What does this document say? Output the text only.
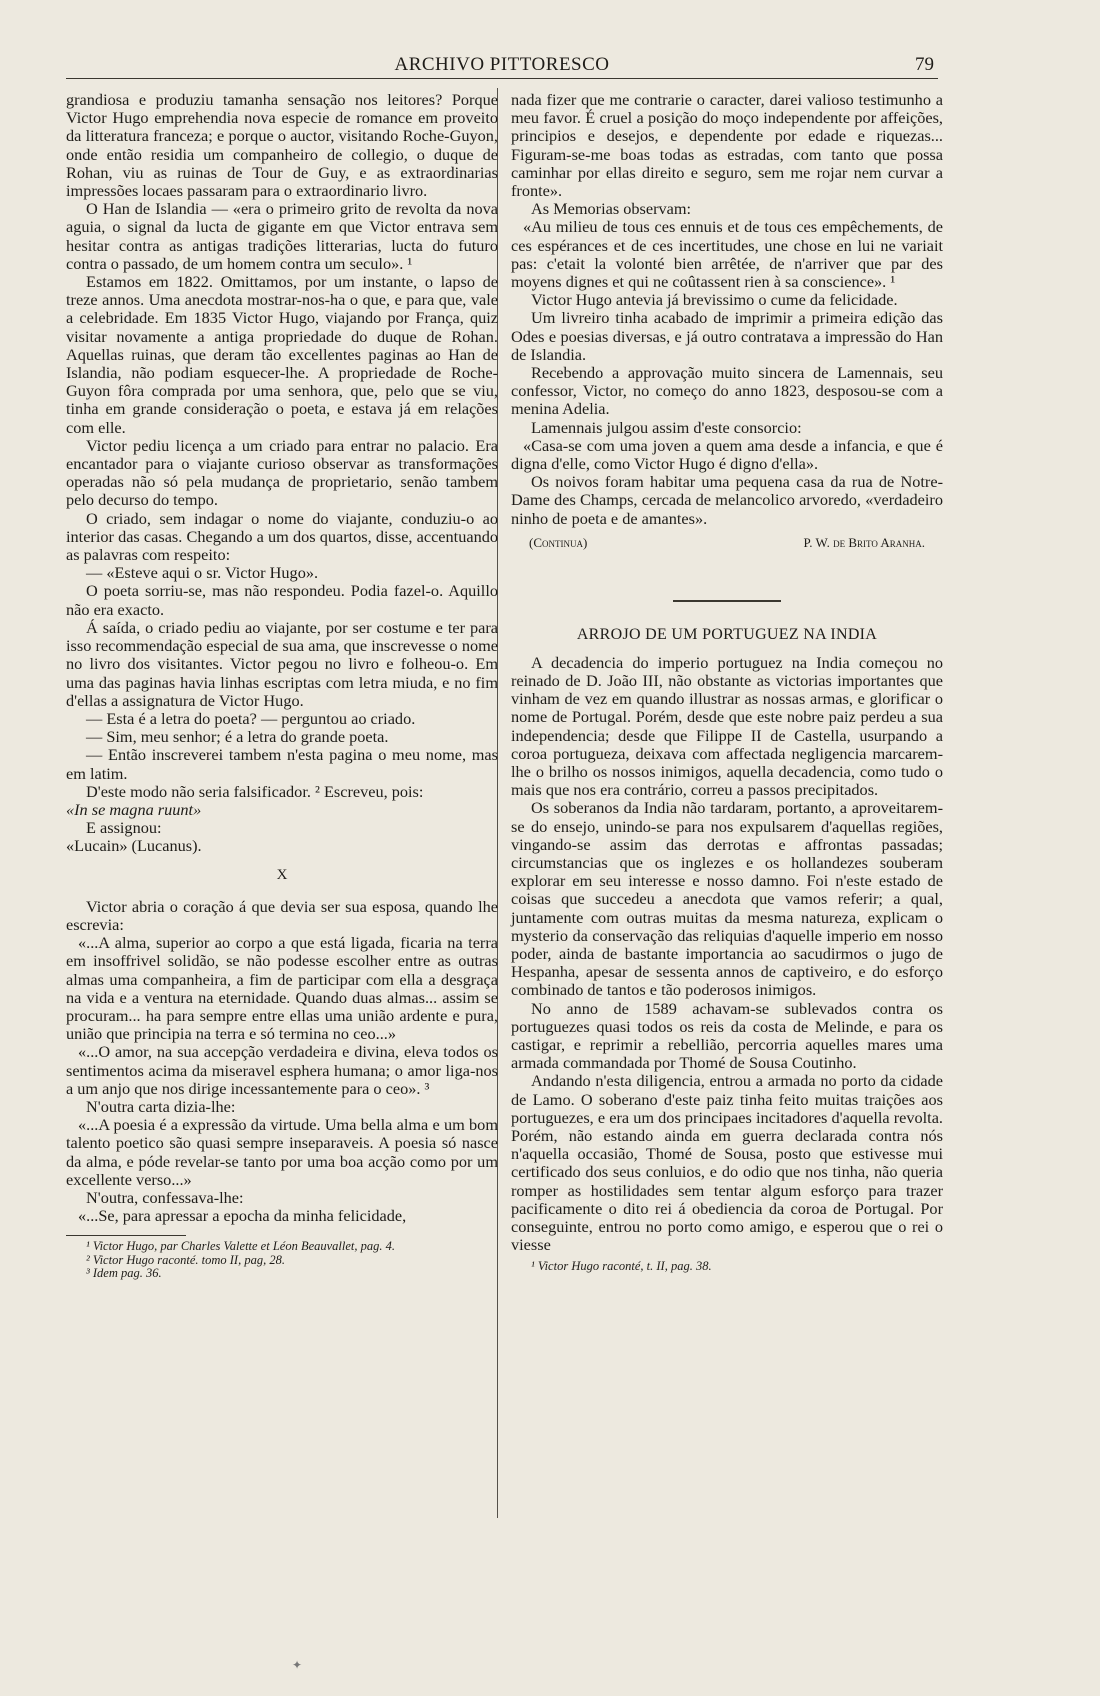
ARCHIVO PITTORESCO	79

grandiosa e produziu tamanha sensação nos leitores? Porque Victor Hugo emprehendia nova especie de romance em proveito da litteratura franceza; e porque o auctor, visitando Roche-Guyon, onde então residia um companheiro de collegio, o duque de Rohan, viu as ruinas de Tour de Guy, e as extraordinarias impressões locaes passaram para o extraordinario livro.

O Han de Islandia — «era o primeiro grito de revolta da nova aguia, o signal da lucta de gigante em que Victor entrava sem hesitar contra as antigas tradições litterarias, lucta do futuro contra o passado, de um homem contra um seculo». ¹

Estamos em 1822. Omittamos, por um instante, o lapso de treze annos. Uma anecdota mostrar-nos-ha o que, e para que, vale a celebridade. Em 1835 Victor Hugo, viajando por França, quiz visitar novamente a antiga propriedade do duque de Rohan. Aquellas ruinas, que deram tão excellentes paginas ao Han de Islandia, não podiam esquecer-lhe. A propriedade de Roche-Guyon fôra comprada por uma senhora, que, pelo que se viu, tinha em grande consideração o poeta, e estava já em relações com elle.

Victor pediu licença a um criado para entrar no palacio. Era encantador para o viajante curioso observar as transformações operadas não só pela mudança de proprietario, senão tambem pelo decurso do tempo.

O criado, sem indagar o nome do viajante, conduziu-o ao interior das casas. Chegando a um dos quartos, disse, accentuando as palavras com respeito:

— «Esteve aqui o sr. Victor Hugo».

O poeta sorriu-se, mas não respondeu. Podia fazel-o. Aquillo não era exacto.

Á saída, o criado pediu ao viajante, por ser costume e ter para isso recommendação especial de sua ama, que inscrevesse o nome no livro dos visitantes. Victor pegou no livro e folheou-o. Em uma das paginas havia linhas escriptas com letra miuda, e no fim d'ellas a assignatura de Victor Hugo.

— Esta é a letra do poeta? — perguntou ao criado.

— Sim, meu senhor; é a letra do grande poeta.

— Então inscreverei tambem n'esta pagina o meu nome, mas em latim.

D'este modo não seria falsificador. ² Escreveu, pois:

«In se magna ruunt»

E assignou:

«Lucain» (Lucanus).

X

Victor abria o coração á que devia ser sua esposa, quando lhe escrevia:

«...A alma, superior ao corpo a que está ligada, ficaria na terra em insoffrivel solidão, se não podesse escolher entre as outras almas uma companheira, a fim de participar com ella a desgraça na vida e a ventura na eternidade. Quando duas almas... assim se procuram... ha para sempre entre ellas uma união ardente e pura, união que principia na terra e só termina no ceo...»

«...O amor, na sua accepção verdadeira e divina, eleva todos os sentimentos acima da miseravel esphera humana; o amor liga-nos a um anjo que nos dirige incessantemente para o ceo». ³

N'outra carta dizia-lhe:

«...A poesia é a expressão da virtude. Uma bella alma e um bom talento poetico são quasi sempre inseparaveis. A poesia só nasce da alma, e póde revelar-se tanto por uma boa acção como por um excellente verso...»

N'outra, confessava-lhe:

«...Se, para apressar a epocha da minha felicidade,

¹ Victor Hugo, par Charles Valette et Léon Beauvallet, pag. 4.

² Victor Hugo raconté. tomo II, pag, 28.

³ Idem pag. 36.

nada fizer que me contrarie o caracter, darei valioso testimunho a meu favor. É cruel a posição do moço independente por affeições, principios e desejos, e dependente por edade e riquezas... Figuram-se-me boas todas as estradas, com tanto que possa caminhar por ellas direito e seguro, sem me rojar nem curvar a fronte».

As Memorias observam:

«Au milieu de tous ces ennuis et de tous ces empêchements, de ces espérances et de ces incertitudes, une chose en lui ne variait pas: c'etait la volonté bien arrêtée, de n'arriver que par des moyens dignes et qui ne coûtassent rien à sa conscience». ¹

Victor Hugo antevia já brevissimo o cume da felicidade.

Um livreiro tinha acabado de imprimir a primeira edição das Odes e poesias diversas, e já outro contratava a impressão do Han de Islandia.

Recebendo a approvação muito sincera de Lamennais, seu confessor, Victor, no começo do anno 1823, desposou-se com a menina Adelia.

Lamennais julgou assim d'este consorcio:

«Casa-se com uma joven a quem ama desde a infancia, e que é digna d'elle, como Victor Hugo é digno d'ella».

Os noivos foram habitar uma pequena casa da rua de Notre-Dame des Champs, cercada de melancolico arvoredo, «verdadeiro ninho de poeta e de amantes».

(Continua)	P. W. de Brito Aranha.
ARROJO DE UM PORTUGUEZ NA INDIA

A decadencia do imperio portuguez na India começou no reinado de D. João III, não obstante as victorias importantes que vinham de vez em quando illustrar as nossas armas, e glorificar o nome de Portugal. Porém, desde que este nobre paiz perdeu a sua independencia; desde que Filippe II de Castella, usurpando a coroa portugueza, deixava com affectada negligencia marcarem-lhe o brilho os nossos inimigos, aquella decadencia, como tudo o mais que nos era contrário, correu a passos precipitados.

Os soberanos da India não tardaram, portanto, a aproveitarem-se do ensejo, unindo-se para nos expulsarem d'aquellas regiões, vingando-se assim das derrotas e affrontas passadas; circumstancias que os inglezes e os hollandezes souberam explorar em seu interesse e nosso damno. Foi n'este estado de coisas que succedeu a anecdota que vamos referir; a qual, juntamente com outras muitas da mesma natureza, explicam o mysterio da conservação das reliquias d'aquelle imperio em nosso poder, ainda de bastante importancia ao sacudirmos o jugo de Hespanha, apesar de sessenta annos de captiveiro, e do esforço combinado de tantos e tão poderosos inimigos.

No anno de 1589 achavam-se sublevados contra os portuguezes quasi todos os reis da costa de Melinde, e para os castigar, e reprimir a rebellião, percorria aquelles mares uma armada commandada por Thomé de Sousa Coutinho.

Andando n'esta diligencia, entrou a armada no porto da cidade de Lamo. O soberano d'este paiz tinha feito muitas traições aos portuguezes, e era um dos principaes incitadores d'aquella revolta. Porém, não estando ainda em guerra declarada contra nós n'aquella occasião, Thomé de Sousa, posto que estivesse mui certificado dos seus conluios, e do odio que nos tinha, não queria romper as hostilidades sem tentar algum esforço para trazer pacificamente o dito rei á obediencia da coroa de Portugal. Por conseguinte, entrou no porto como amigo, e esperou que o rei o viesse

¹ Victor Hugo raconté, t. II, pag. 38.

✦
